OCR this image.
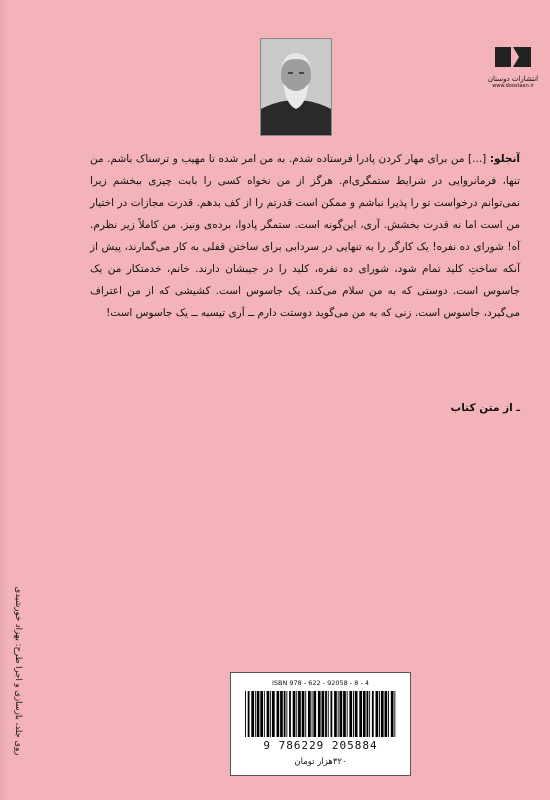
انتشارات دوستان
www.doostaan.ir
آنجلو: [...] من برای مهار کردن پادرا فرستاده شدم. به من امر شده تا مهیب و ترسناک باشم. من تنها، فرمانروایی در شرایط ستمگری‌ام. هرگز از من نخواه کسی را بابت چیزی ببخشم زیرا نمی‌توانم درخواست تو را پذیرا نباشم و ممکن است قدرتم را از کف بدهم. قدرت مجازات در اختیار من است اما نه قدرت بخشش. آری، این‌گونه است. ستمگر پادوا، برده‌ی ونیز. من کاملاً زیر نظرم. آه! شورای ده نفره! یک کارگر را به تنهایی در سردابی برای ساختن قفلی به کار می‌گمارند، پیش از آنکه ساختِ کلید تمام شود، شورای ده نفره، کلید را در جیبشان دارند. خانم، خدمتکار من یک جاسوس است. دوستی که به من سلام می‌کند، یک جاسوس است. کشیشی که از من اعتراف می‌گیرد، جاسوس است. زنی که به من می‌گوید دوستت دارم ــ آری تیسبه ــ یک جاسوس است!
ـ از متن کتاب
روی جلد، بازسازی و اجرا طرح: بهزاد خورشیدی	ISBN 978 - 622 - 92058 - 8 - 4
9 786229 205884
۳۲۰هزار تومان
